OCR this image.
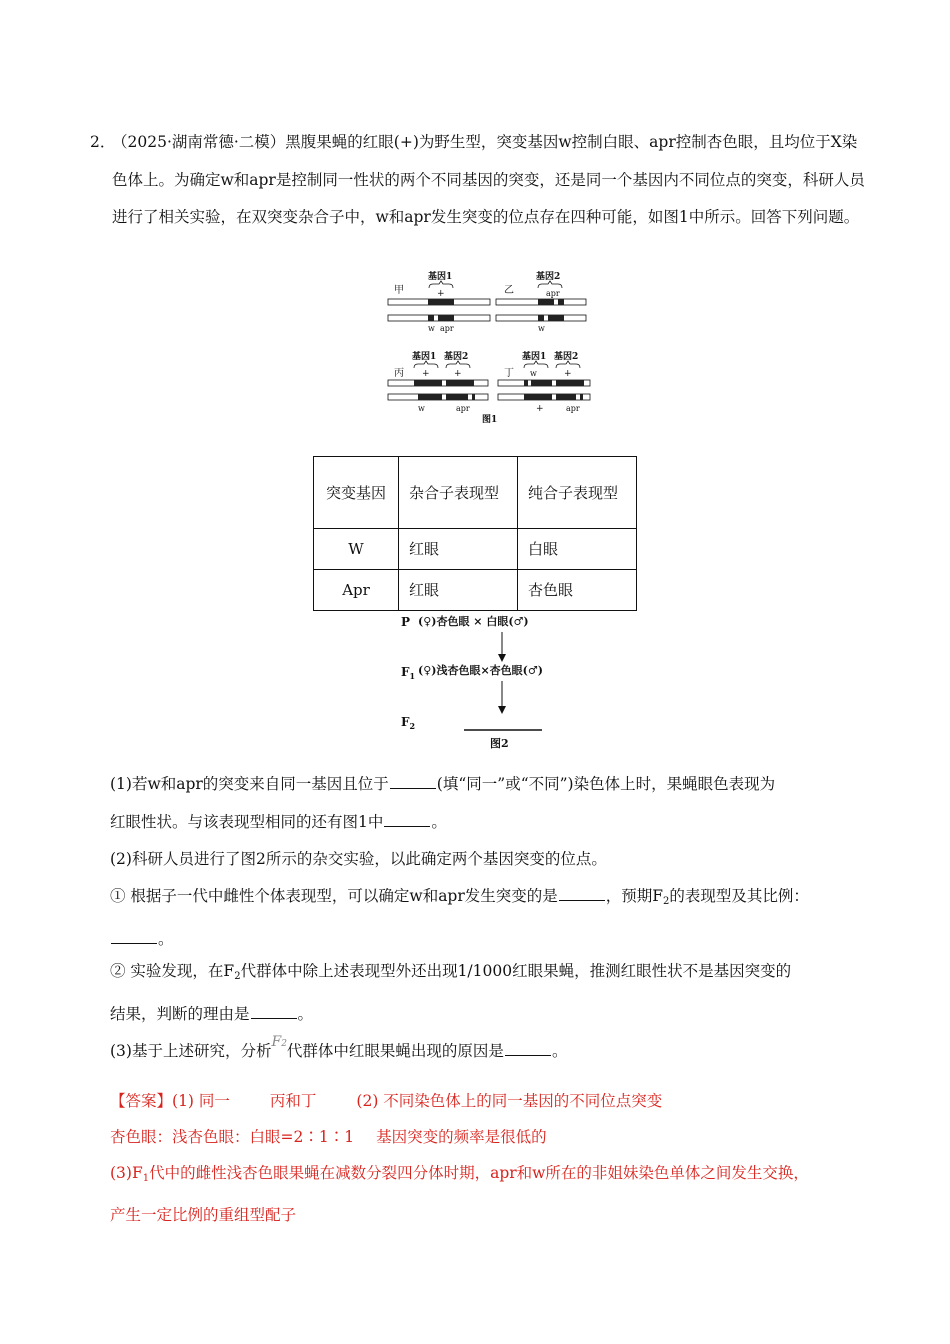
2．
（2025·湖南常德·二模）黑腹果蝇的红眼(+)为野生型，突变基因w控制白眼、apr控制杏色眼，且均位于X染色体上。为确定w和apr是控制同一性状的两个不同基因的突变，还是同一个基因内不同位点的突变，科研人员进行了相关实验，在双突变杂合子中，w和apr发生突变的位点存在四种可能，如图1中所示。回答下列问题。
甲
基因1
+
w apr
乙
基因2
apr
w
丙
基因1 基因2
+	+
w	apr
丁
基因1 基因2
w	+
+	apr
图1
突变基因	杂合子表现型	纯合子表现型
W	红眼	白眼
Apr	红眼	杏色眼
P (♀)杏色眼 × 白眼(♂)
$F_1$ (♀)浅杏色眼×杏色眼(♂)
$F_2$
图2
(1)若w和apr的突变来自同一基因且位于	(填“同一”或“不同”)染色体上时，果蝇眼色表现为
红眼性状。与该表现型相同的还有图1中	。
(2)科研人员进行了图2所示的杂交实验，以此确定两个基因突变的位点。
① 根据子一代中雌性个体表现型，可以确定w和apr发生突变的是	，预期$F_2$的表现型及其比例：
。
② 实验发现，在$F_2$代群体中除上述表现型外还出现1/1000红眼果蝇，推测红眼性状不是基因突变的
结果，判断的理由是	。
(3)基于上述研究，分析F2代群体中红眼果蝇出现的原因是	。
【答案】(1) 同一	丙和丁	(2) 不同染色体上的同一基因的不同位点突变
杏色眼：浅杏色眼：白眼=2∶1∶1 基因突变的频率是很低的
$(3)F_1$代中的雌性浅杏色眼果蝇在减数分裂四分体时期，apr和w所在的非姐妹染色单体之间发生交换，
产生一定比例的重组型配子
